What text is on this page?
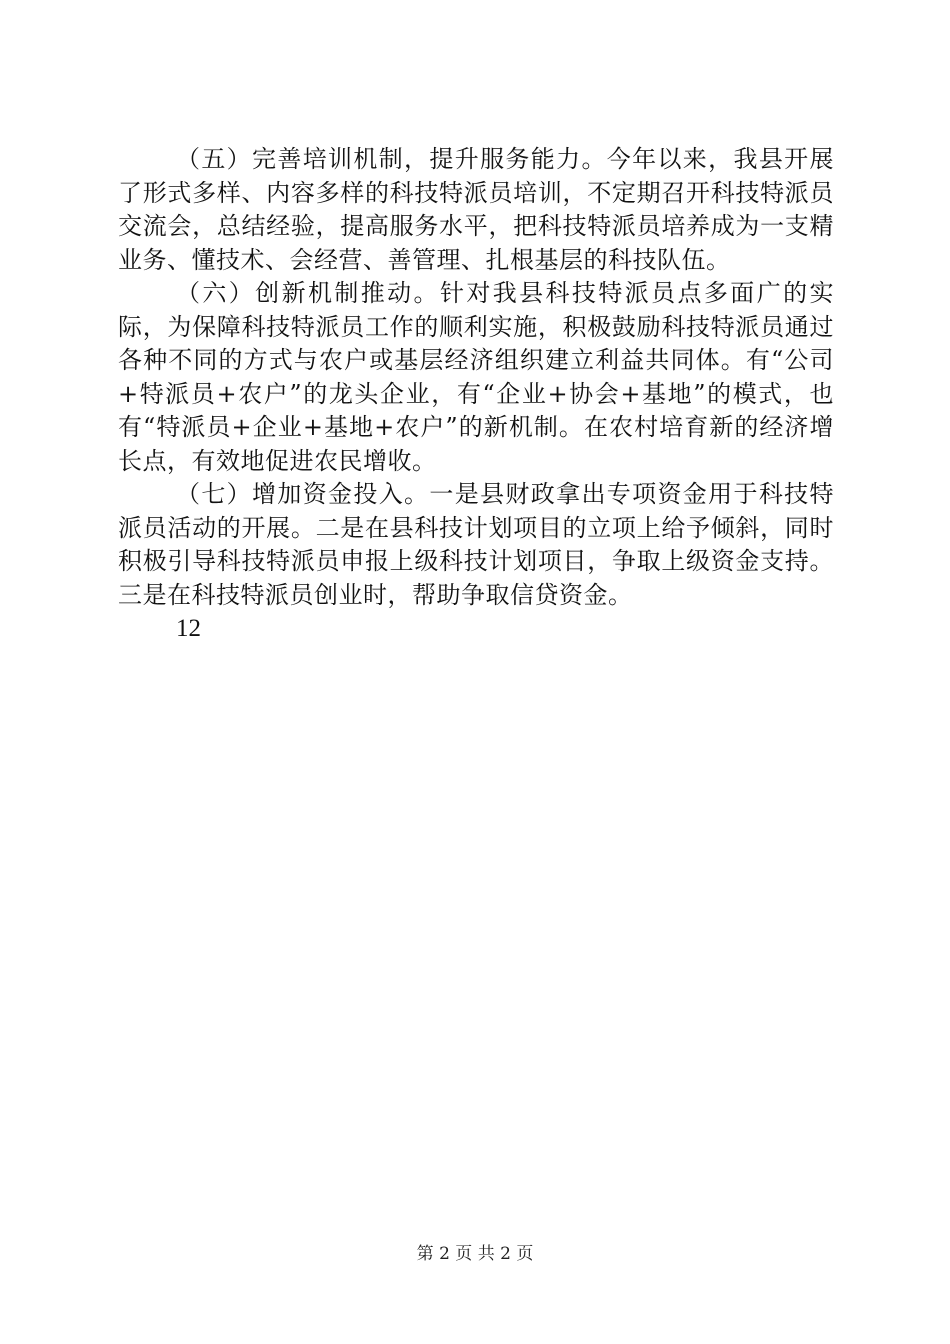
（五）完善培训机制，提升服务能力。今年以来，我县开展了形式多样、内容多样的科技特派员培训，不定期召开科技特派员交流会，总结经验，提高服务水平，把科技特派员培养成为一支精业务、懂技术、会经营、善管理、扎根基层的科技队伍。

（六）创新机制推动。针对我县科技特派员点多面广的实际，为保障科技特派员工作的顺利实施，积极鼓励科技特派员通过各种不同的方式与农户或基层经济组织建立利益共同体。有“公司+特派员+农户”的龙头企业，有“企业+协会+基地”的模式，也有“特派员+企业+基地+农户”的新机制。在农村培育新的经济增长点，有效地促进农民增收。

（七）增加资金投入。一是县财政拿出专项资金用于科技特派员活动的开展。二是在县科技计划项目的立项上给予倾斜，同时积极引导科技特派员申报上级科技计划项目，争取上级资金支持。三是在科技特派员创业时，帮助争取信贷资金。

12

第 2 页 共 2 页
